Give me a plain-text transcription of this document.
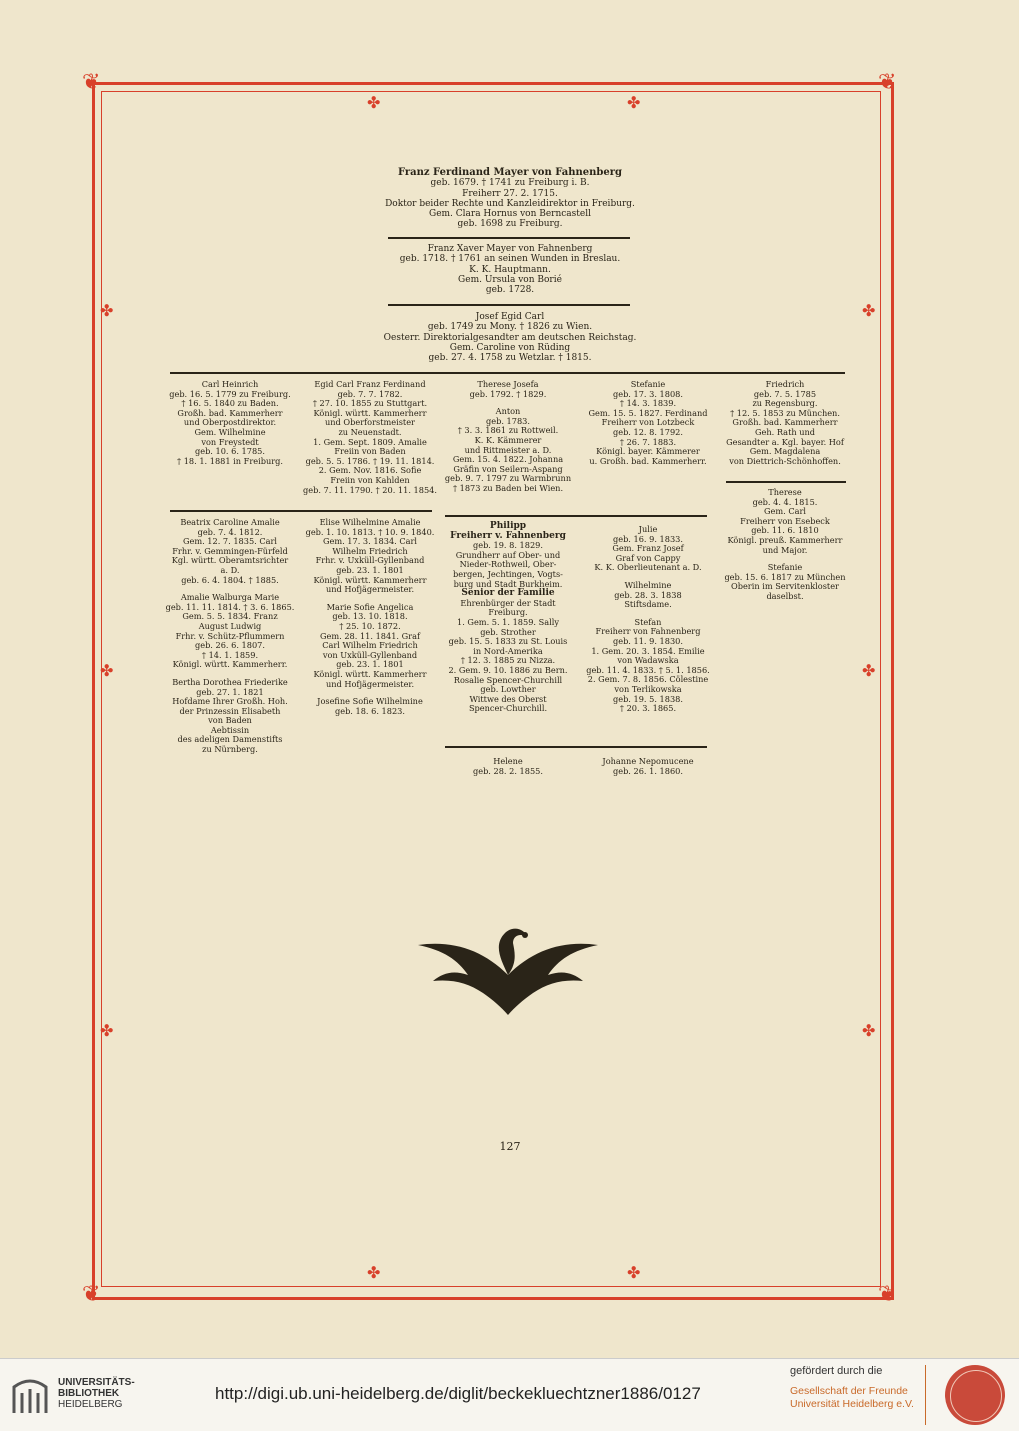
❦	❦
❦	❦
✤	✤
✤	✤
✤
✤
✤
✤
✤
✤

Franz Ferdinand Mayer von Fahnenberg

geb. 1679. † 1741 zu Freiburg i. B.

Freiherr 27. 2. 1715.

Doktor beider Rechte und Kanzleidirektor in Freiburg.

Gem. Clara Hornus von Berncastell

geb. 1698 zu Freiburg.

Franz Xaver Mayer von Fahnenberg

geb. 1718. † 1761 an seinen Wunden in Breslau.

K. K. Hauptmann.

Gem. Ursula von Borié

geb. 1728.

Josef Egid Carl

geb. 1749 zu Mony. † 1826 zu Wien.

Oesterr. Direktorialgesandter am deutschen Reichstag.

Gem. Caroline von Rüding

geb. 27. 4. 1758 zu Wetzlar. † 1815.

Carl Heinrich

geb. 16. 5. 1779 zu Freiburg.

† 16. 5. 1840 zu Baden.

Großh. bad. Kammerherr

und Oberpostdirektor.

Gem. Wilhelmine

von Freystedt

geb. 10. 6. 1785.

† 18. 1. 1881 in Freiburg.

Egid Carl Franz Ferdinand

geb. 7. 7. 1782.

† 27. 10. 1855 zu Stuttgart.

Königl. württ. Kammerherr

und Oberforstmeister

zu Neuenstadt.

1. Gem. Sept. 1809. Amalie

Freiin von Baden

geb. 5. 5. 1786. † 19. 11. 1814.

2. Gem. Nov. 1816. Sofie

Freiin von Kahlden

geb. 7. 11. 1790. † 20. 11. 1854.

Therese Josefa

geb. 1792. † 1829.

Anton

geb. 1783.

† 3. 3. 1861 zu Rottweil.

K. K. Kämmerer

und Rittmeister a. D.

Gem. 15. 4. 1822. Johanna

Gräfin von Seilern-Aspang

geb. 9. 7. 1797 zu Warmbrunn

† 1873 zu Baden bei Wien.

Stefanie

geb. 17. 3. 1808.

† 14. 3. 1839.

Gem. 15. 5. 1827. Ferdinand

Freiherr von Lotzbeck

geb. 12. 8. 1792.

† 26. 7. 1883.

Königl. bayer. Kämmerer

u. Großh. bad. Kammerherr.

Friedrich

geb. 7. 5. 1785

zu Regensburg.

† 12. 5. 1853 zu München.

Großh. bad. Kammerherr

Geh. Rath und

Gesandter a. Kgl. bayer. Hof

Gem. Magdalena

von Diettrich-Schönhoffen.

Therese

geb. 4. 4. 1815.

Gem. Carl

Freiherr von Esebeck

geb. 11. 6. 1810

Königl. preuß. Kammerherr

und Major.

Stefanie

geb. 15. 6. 1817 zu München

Oberin im Servitenkloster

daselbst.

Beatrix Caroline Amalie

geb. 7. 4. 1812.

Gem. 12. 7. 1835. Carl

Frhr. v. Gemmingen-Fürfeld

Kgl. württ. Oberamtsrichter

a. D.

geb. 6. 4. 1804. † 1885.

Amalie Walburga Marie

geb. 11. 11. 1814. † 3. 6. 1865.

Gem. 5. 5. 1834. Franz

August Ludwig

Frhr. v. Schütz-Pflummern

geb. 26. 6. 1807.

† 14. 1. 1859.

Königl. württ. Kammerherr.

Bertha Dorothea Friederike

geb. 27. 1. 1821

Hofdame Ihrer Großh. Hoh.

der Prinzessin Elisabeth

von Baden

Aebtissin

des adeligen Damenstifts

zu Nürnberg.

Elise Wilhelmine Amalie

geb. 1. 10. 1813. † 10. 9. 1840.

Gem. 17. 3. 1834. Carl

Wilhelm Friedrich

Frhr. v. Uxküll-Gyllenband

geb. 23. 1. 1801

Königl. württ. Kammerherr

und Hofjägermeister.

Marie Sofie Angelica

geb. 13. 10. 1818.

† 25. 10. 1872.

Gem. 28. 11. 1841. Graf

Carl Wilhelm Friedrich

von Uxküll-Gyllenband

geb. 23. 1. 1801

Königl. württ. Kammerherr

und Hofjägermeister.

Josefine Sofie Wilhelmine

geb. 18. 6. 1823.

Philipp

Freiherr v. Fahnenberg

geb. 19. 8. 1829.

Grundherr auf Ober- und

Nieder-Rothweil, Ober-

bergen, Jechtingen, Vogts-

burg und Stadt Burkheim.

Senior der Familie

Ehrenbürger der Stadt

Freiburg.

1. Gem. 5. 1. 1859. Sally

geb. Strother

geb. 15. 5. 1833 zu St. Louis

in Nord-Amerika

† 12. 3. 1885 zu Nizza.

2. Gem. 9. 10. 1886 zu Bern.

Rosalie Spencer-Churchill

geb. Lowther

Wittwe des Oberst

Spencer-Churchill.

Julie

geb. 16. 9. 1833.

Gem. Franz Josef

Graf von Cappy

K. K. Oberlieutenant a. D.

Wilhelmine

geb. 28. 3. 1838

Stiftsdame.

Stefan

Freiherr von Fahnenberg

geb. 11. 9. 1830.

1. Gem. 20. 3. 1854. Emilie

von Wadawska

geb. 11. 4. 1833. † 5. 1. 1856.

2. Gem. 7. 8. 1856. Cölestine

von Terlikowska

geb. 19. 5. 1838.

† 20. 3. 1865.

Helene

geb. 28. 2. 1855.

Johanne Nepomucene

geb. 26. 1. 1860.

127
UNIVERSITÄTS-
BIBLIOTHEK
HEIDELBERG
http://digi.ub.uni-heidelberg.de/diglit/beckekluechtzner1886/0127
gefördert durch die
Gesellschaft der Freunde
Universität Heidelberg e.V.
